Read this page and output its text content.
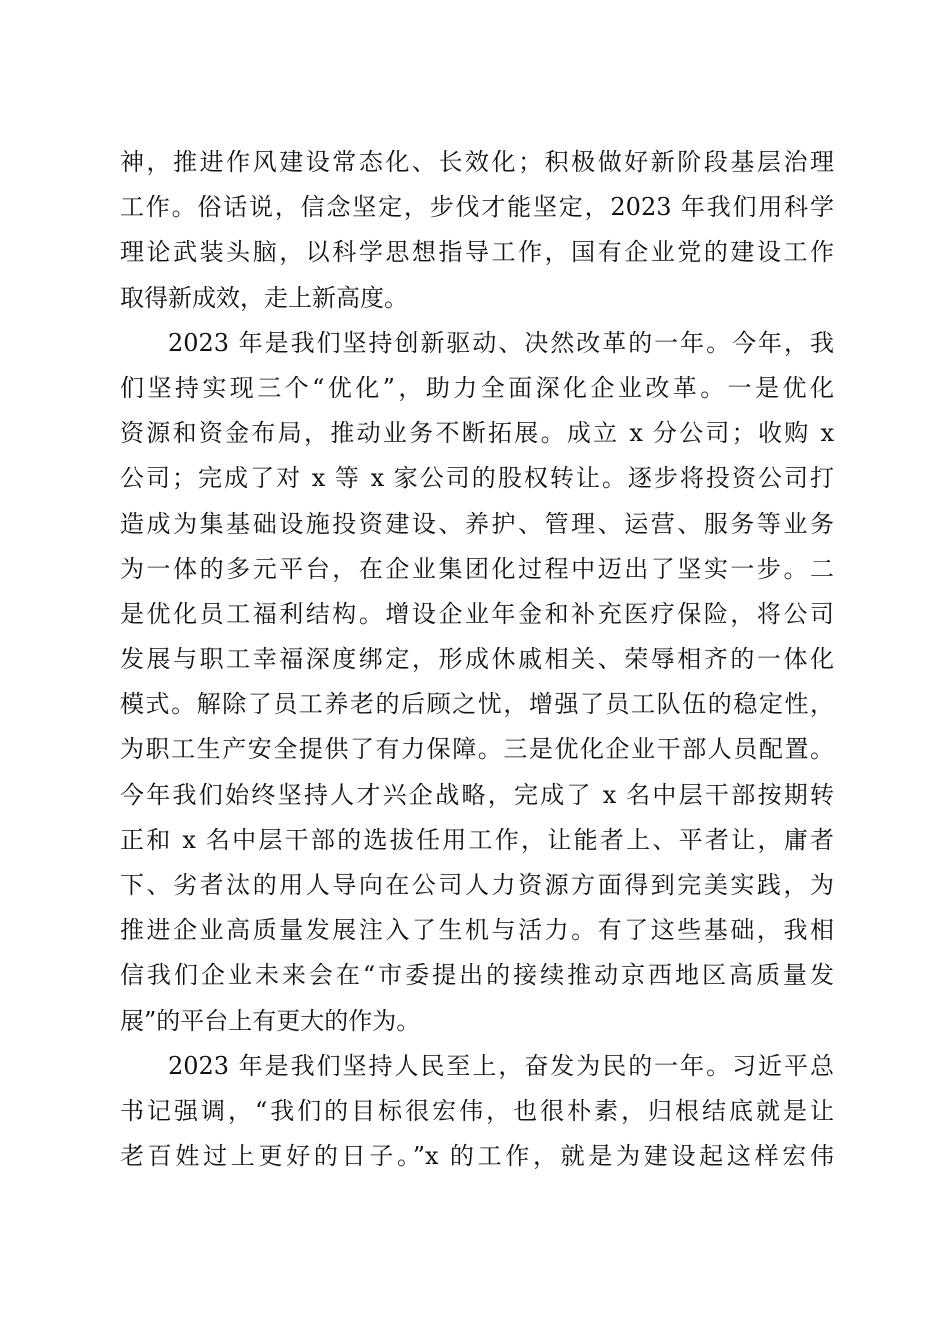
神，推进作风建设常态化、长效化；积极做好新阶段基层治理
工作。俗话说，信念坚定，步伐才能坚定，2023 年我们用科学
理论武装头脑，以科学思想指导工作，国有企业党的建设工作
取得新成效，走上新高度。
2023 年是我们坚持创新驱动、决然改革的一年。今年，我
们坚持实现三个“优化”，助力全面深化企业改革。一是优化
资源和资金布局，推动业务不断拓展。成立 x 分公司；收购 x
公司；完成了对 x 等 x 家公司的股权转让。逐步将投资公司打
造成为集基础设施投资建设、养护、管理、运营、服务等业务
为一体的多元平台，在企业集团化过程中迈出了坚实一步。二
是优化员工福利结构。增设企业年金和补充医疗保险，将公司
发展与职工幸福深度绑定，形成休戚相关、荣辱相齐的一体化
模式。解除了员工养老的后顾之忧，增强了员工队伍的稳定性，
为职工生产安全提供了有力保障。三是优化企业干部人员配置。
今年我们始终坚持人才兴企战略，完成了 x 名中层干部按期转
正和 x 名中层干部的选拔任用工作，让能者上、平者让，庸者
下、劣者汰的用人导向在公司人力资源方面得到完美实践，为
推进企业高质量发展注入了生机与活力。有了这些基础，我相
信我们企业未来会在“市委提出的接续推动京西地区高质量发
展”的平台上有更大的作为。
2023 年是我们坚持人民至上，奋发为民的一年。习近平总
书记强调，“我们的目标很宏伟，也很朴素，归根结底就是让
老百姓过上更好的日子。”x 的工作，就是为建设起这样宏伟
